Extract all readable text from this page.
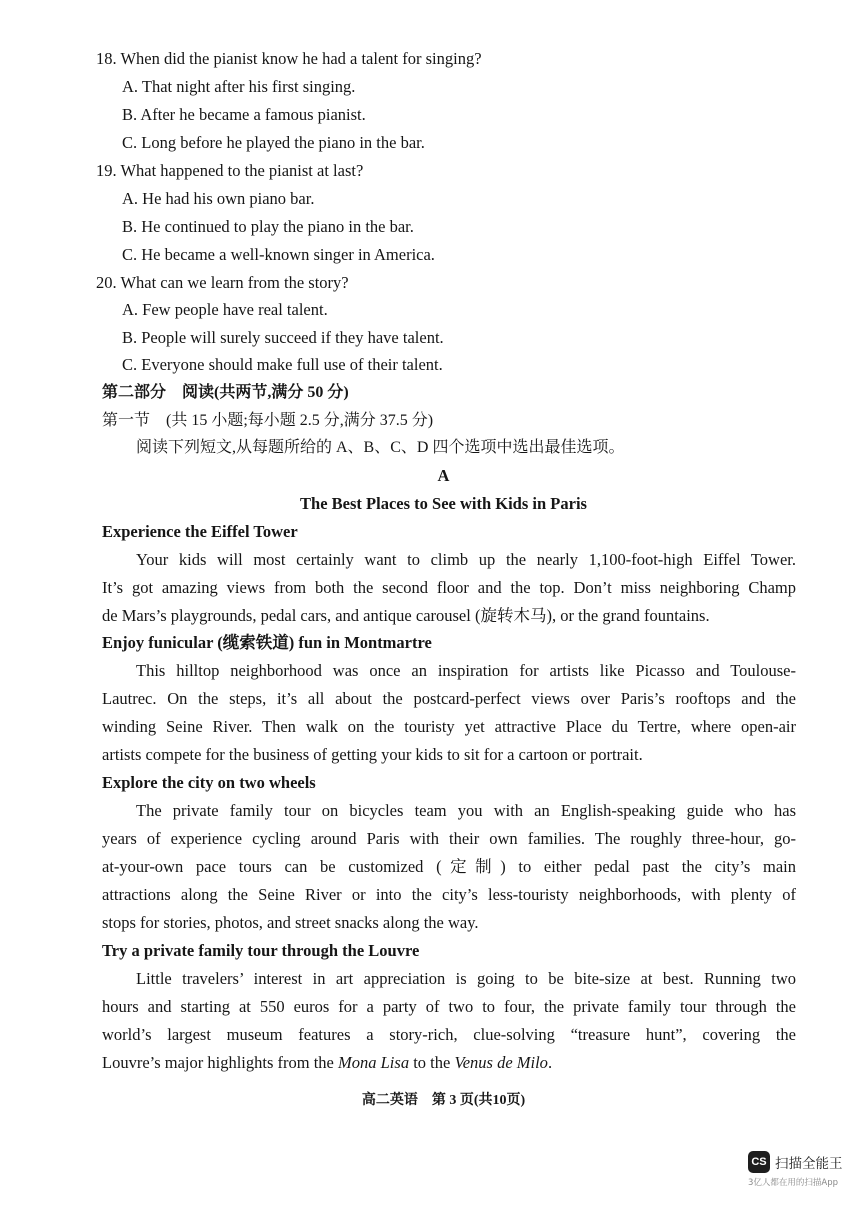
18. When did the pianist know he had a talent for singing?
A. That night after his first singing.
B. After he became a famous pianist.
C. Long before he played the piano in the bar.
19. What happened to the pianist at last?
A. He had his own piano bar.
B. He continued to play the piano in the bar.
C. He became a well-known singer in America.
20. What can we learn from the story?
A. Few people have real talent.
B. People will surely succeed if they have talent.
C. Everyone should make full use of their talent.
第二部分　阅读(共两节,满分 50 分)
第一节　(共 15 小题;每小题 2.5 分,满分 37.5 分)
阅读下列短文,从每题所给的 A、B、C、D 四个选项中选出最佳选项。
A
The Best Places to See with Kids in Paris
Experience the Eiffel Tower
Your kids will most certainly want to climb up the nearly 1,100-foot-high Eiffel Tower.
It’s got amazing views from both the second floor and the top. Don’t miss neighboring Champ
de Mars’s playgrounds, pedal cars, and antique carousel (旋转木马), or the grand fountains.
Enjoy funicular (缆索铁道) fun in Montmartre
This hilltop neighborhood was once an inspiration for artists like Picasso and Toulouse-
Lautrec. On the steps, it’s all about the postcard-perfect views over Paris’s rooftops and the
winding Seine River. Then walk on the touristy yet attractive Place du Tertre, where open-air
artists compete for the business of getting your kids to sit for a cartoon or portrait.
Explore the city on two wheels
The private family tour on bicycles team you with an English-speaking guide who has
years of experience cycling around Paris with their own families. The roughly three-hour, go-
at-your-own pace tours can be customized (定制) to either pedal past the city’s main
attractions along the Seine River or into the city’s less-touristy neighborhoods, with plenty of
stops for stories, photos, and street snacks along the way.
Try a private family tour through the Louvre
Little travelers’ interest in art appreciation is going to be bite-size at best. Running two
hours and starting at 550 euros for a party of two to four, the private family tour through the
world’s largest museum features a story-rich, clue-solving “treasure hunt”, covering the
Louvre’s major highlights from the Mona Lisa to the Venus de Milo.
高二英语　第 3 页(共10页)
CS 扫描全能王
3亿人都在用的扫描App
